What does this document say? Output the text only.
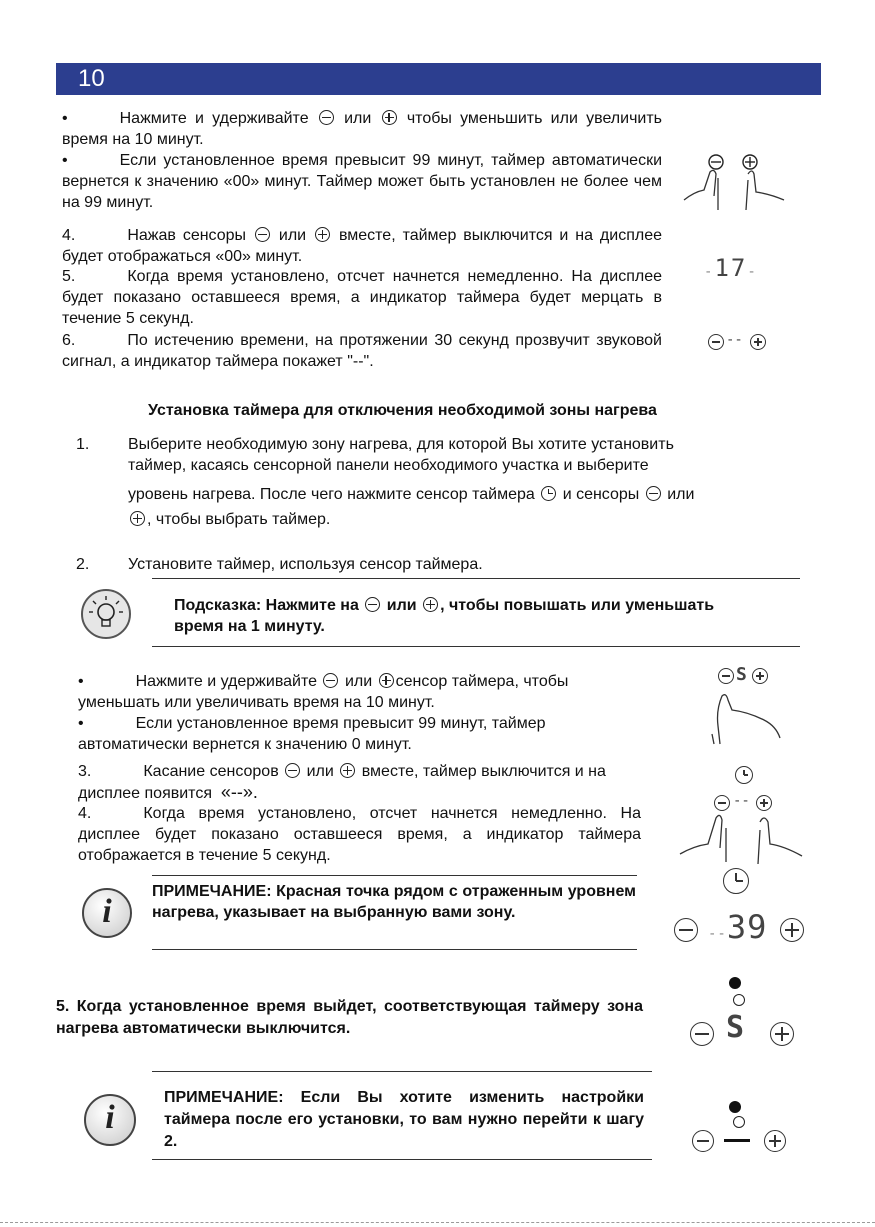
10
•	Нажмите и удерживайте или чтобы уменьшить или увеличить время на 10 минут.
•	Если установленное время превысит 99 минут, таймер автоматически вернется к значению «00» минут. Таймер может быть установлен не более чем на 99 минут.
4.	Нажав сенсоры или вместе, таймер выключится и на дисплее будет отображаться «00» минут.
5.	Когда время установлено, отсчет начнется немедленно. На дисплее будет показано оставшееся время, а индикатор таймера будет мерцать в течение 5 секунд.
6.	По истечению времени, на протяжении 30 секунд прозвучит звуковой сигнал, а индикатор таймера покажет "--".
-17-
--
Установка таймера для отключения необходимой зоны нагрева
1. Выберите необходимую зону нагрева, для которой Вы хотите установить
таймер, касаясь сенсорной панели необходимого участка и выберите
уровень нагрева. После чего нажмите сенсор таймера и сенсоры или
, чтобы выбрать таймер.
2. Установите таймер, используя сенсор таймера.
Подсказка: Нажмите на или , чтобы повышать или уменьшать
время на 1 минуту.
•	Нажмите и удерживайте или сенсор таймера, чтобы
уменьшать или увеличивать время на 10 минут.
•	Если установленное время превысит 99 минут, таймер
автоматически вернется к значению 0 минут.
3.	Касание сенсоров или вместе, таймер выключится и на
дисплее появится «--».
4.	Когда время установлено, отсчет начнется немедленно. На дисплее будет показано оставшееся время, а индикатор таймера отображается в течение 5 секунд.
S
--
i
ПРИМЕЧАНИЕ: Красная точка рядом с отраженным уровнем нагрева, указывает на выбранную вами зону.
--39
5. Когда установленное время выйдет, соответствующая таймеру зона нагрева автоматически выключится.	S
i
ПРИМЕЧАНИЕ: Если Вы хотите изменить настройки таймера после его установки, то вам нужно перейти к шагу 2.
